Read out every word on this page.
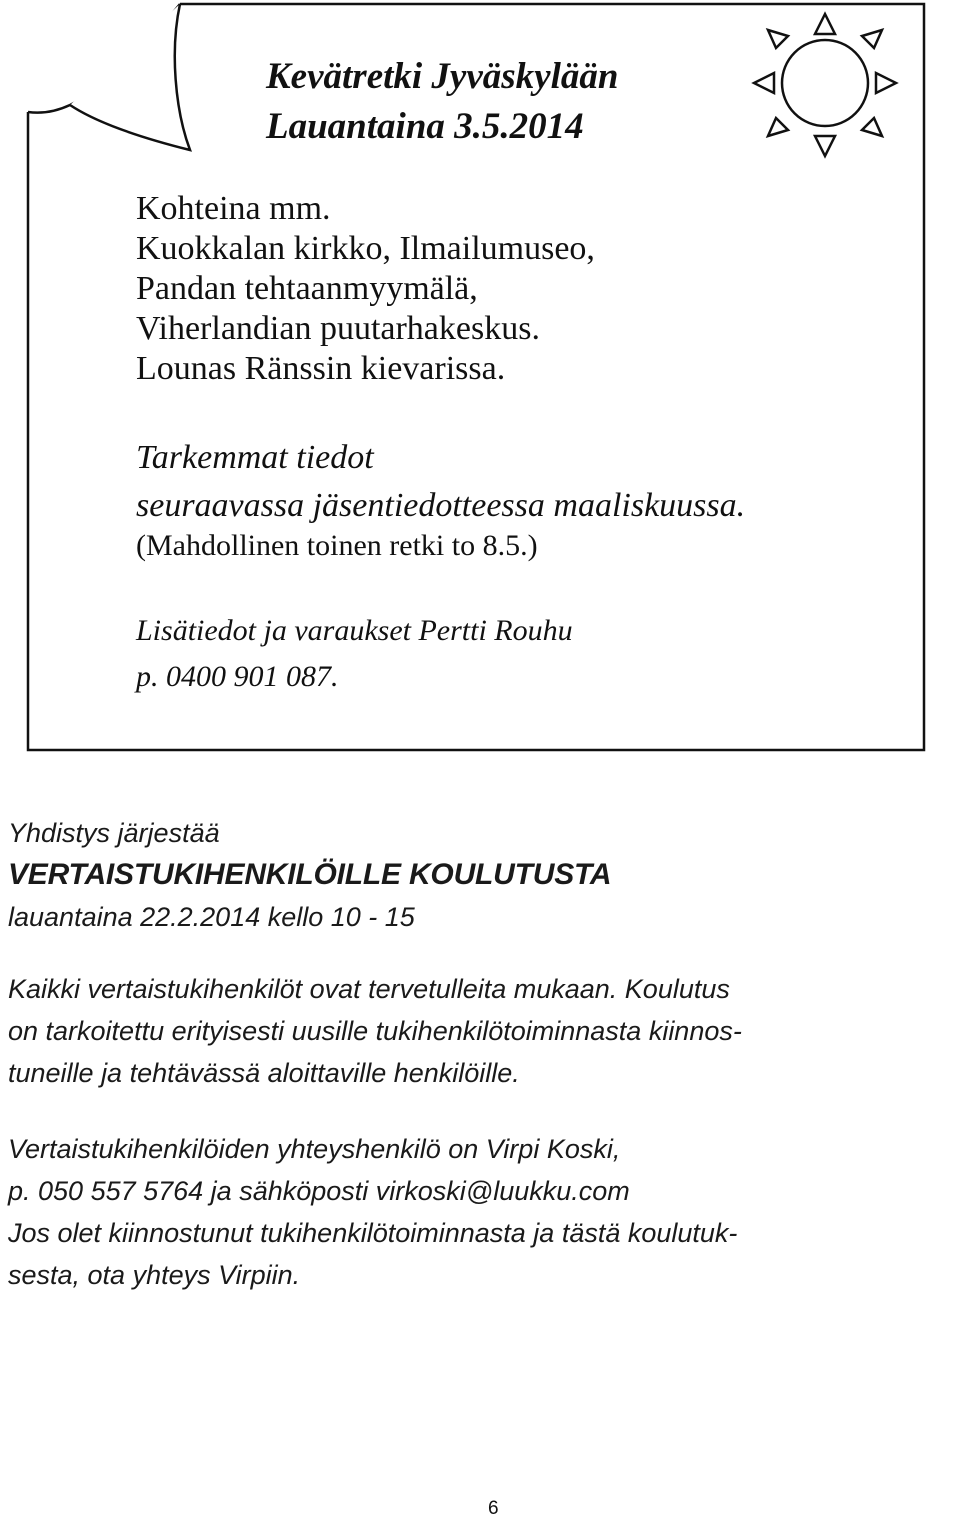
Kevätretki Jyväskylään
Lauantaina 3.5.2014
Kohteina mm.
Kuokkalan kirkko, Ilmailumuseo,
Pandan tehtaanmyymälä,
Viherlandian puutarhakeskus.
Lounas Ränssin kievarissa.
Tarkemmat tiedot
seuraavassa jäsentiedotteessa maaliskuussa.
(Mahdollinen toinen retki to 8.5.)
Lisätiedot ja varaukset Pertti Rouhu
p. 0400 901 087.
Yhdistys järjestää
VERTAISTUKIHENKILÖILLE KOULUTUSTA
lauantaina 22.2.2014 kello 10 - 15
Kaikki vertaistukihenkilöt ovat tervetulleita mukaan. Koulutus
on tarkoitettu erityisesti uusille tukihenkilötoiminnasta kiinnos-
tuneille ja tehtävässä aloittaville henkilöille.
Vertaistukihenkilöiden yhteyshenkilö on Virpi Koski,
p. 050 557 5764 ja sähköposti virkoski@luukku.com
Jos olet kiinnostunut tukihenkilötoiminnasta ja tästä koulutuk-
sesta, ota yhteys Virpiin.
6
